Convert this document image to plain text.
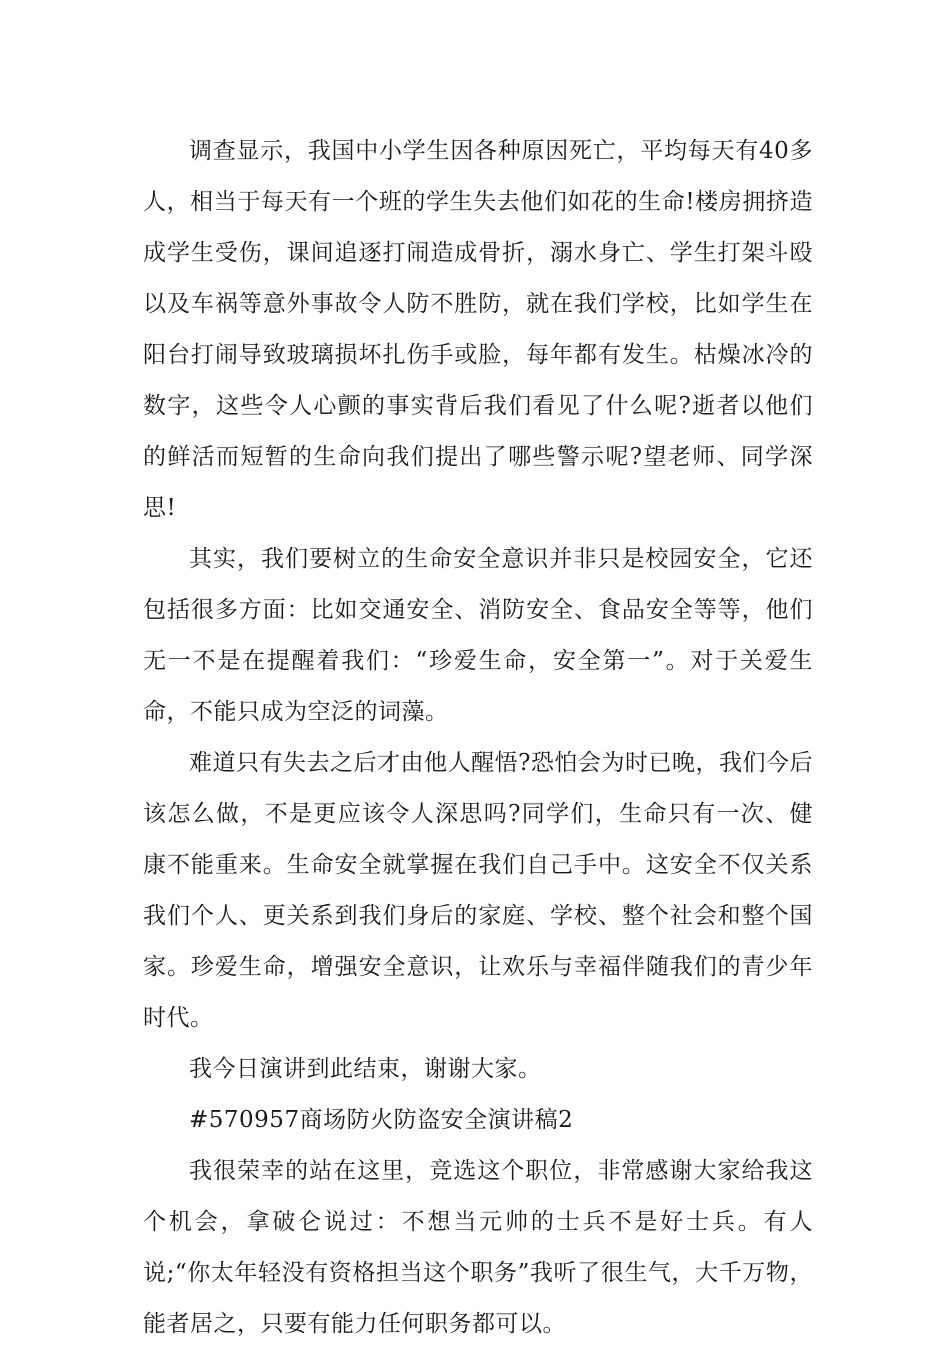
调查显示，我国中小学生因各种原因死亡，平均每天有40多人，相当于每天有一个班的学生失去他们如花的生命!楼房拥挤造成学生受伤，课间追逐打闹造成骨折，溺水身亡、学生打架斗殴以及车祸等意外事故令人防不胜防，就在我们学校，比如学生在阳台打闹导致玻璃损坏扎伤手或脸，每年都有发生。枯燥冰冷的数字，这些令人心颤的事实背后我们看见了什么呢?逝者以他们的鲜活而短暂的生命向我们提出了哪些警示呢?望老师、同学深思!

其实，我们要树立的生命安全意识并非只是校园安全，它还包括很多方面：比如交通安全、消防安全、食品安全等等，他们无一不是在提醒着我们：“珍爱生命，安全第一”。对于关爱生命，不能只成为空泛的词藻。

难道只有失去之后才由他人醒悟?恐怕会为时已晚，我们今后该怎么做，不是更应该令人深思吗?同学们，生命只有一次、健康不能重来。生命安全就掌握在我们自己手中。这安全不仅关系我们个人、更关系到我们身后的家庭、学校、整个社会和整个国家。珍爱生命，增强安全意识，让欢乐与幸福伴随我们的青少年时代。

我今日演讲到此结束，谢谢大家。

#570957商场防火防盗安全演讲稿2

我很荣幸的站在这里，竞选这个职位，非常感谢大家给我这个机会，拿破仑说过：不想当元帅的士兵不是好士兵。有人说;“你太年轻没有资格担当这个职务”我听了很生气，大千万物，能者居之，只要有能力任何职务都可以。
